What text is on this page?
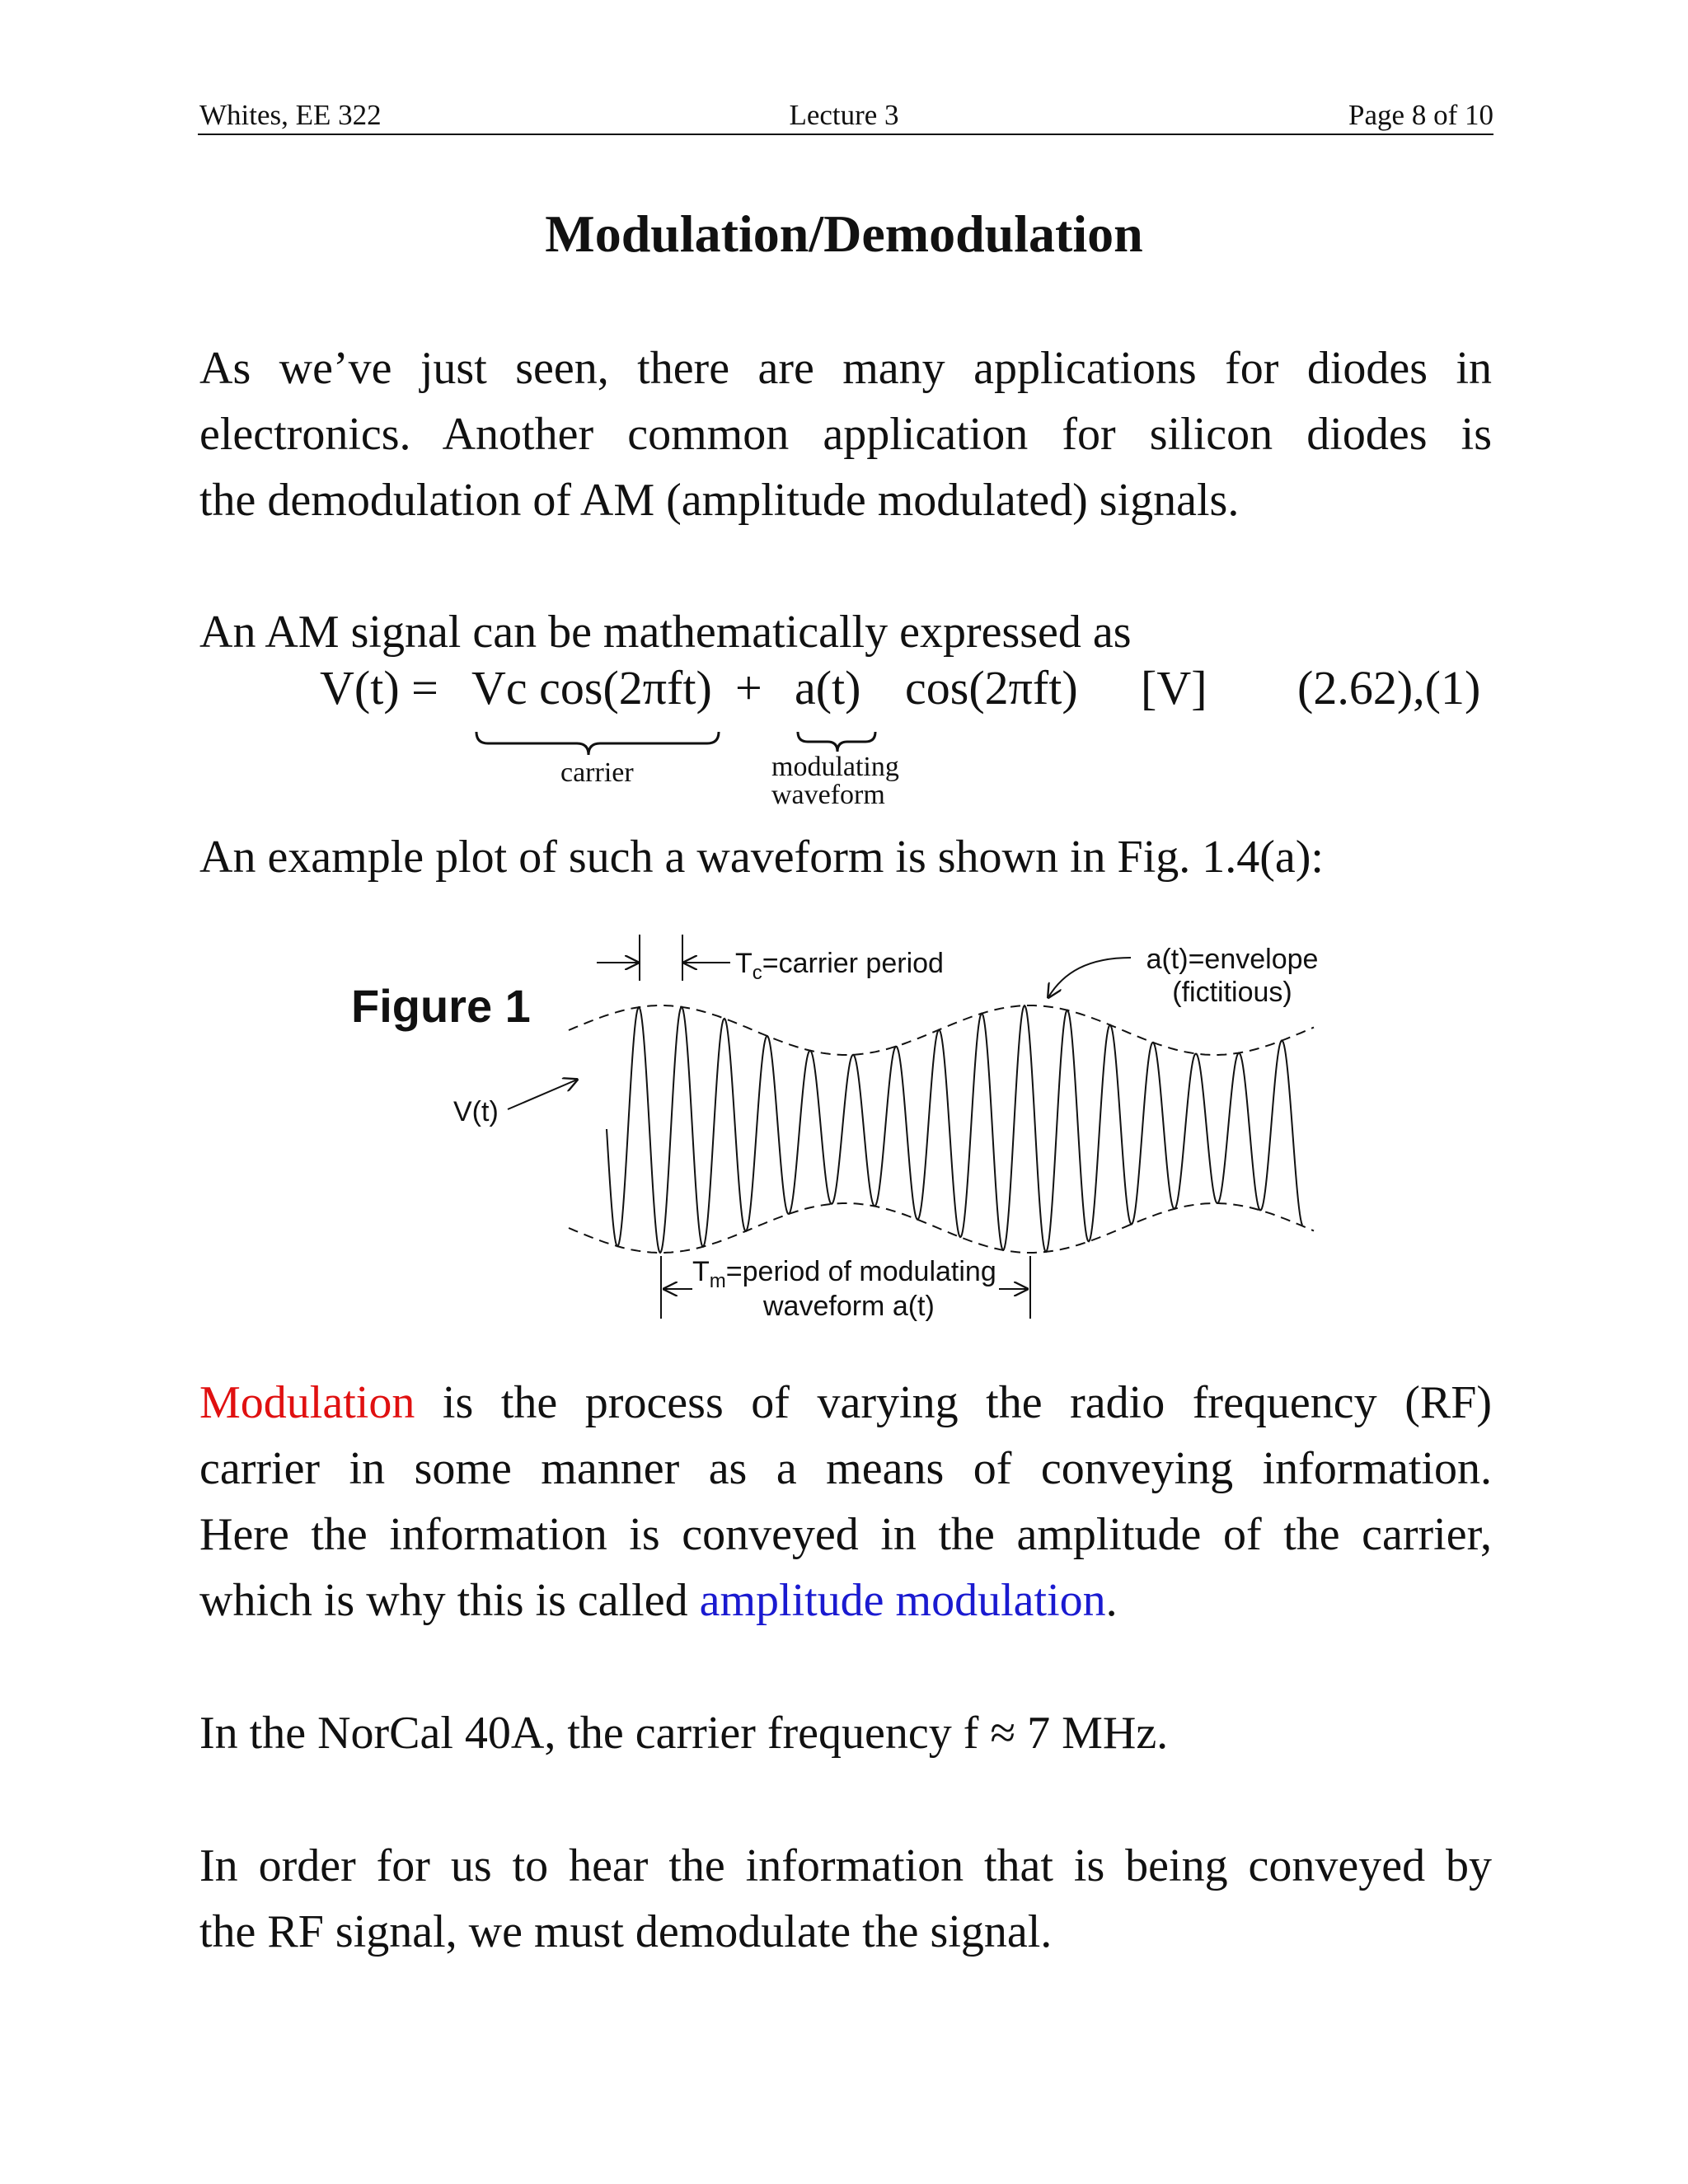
Whites, EE 322	Lecture 3	Page 8 of 10
Modulation/Demodulation
As we’ve just seen, there are many applications for diodes in
electronics. Another common application for silicon diodes is
the demodulation of AM (amplitude modulated) signals.
An AM signal can be mathematically expressed as
V(t) = Vc cos(2πft) + a(t) cos(2πft) [V] (2.62),(1)
carrier	modulating
waveform
An example plot of such a waveform is shown in Fig. 1.4(a):
Figure 1
V(t)
$T_c=carrier$ period	a(t)=envelope
(fictitious)
$T_m=period$ of modulating
waveform a(t)
Modulation is the process of varying the radio frequency (RF)
carrier in some manner as a means of conveying information.
Here the information is conveyed in the amplitude of the carrier,
which is why this is called amplitude modulation.
In the NorCal 40A, the carrier frequency f ≈ 7 MHz.
In order for us to hear the information that is being conveyed by
the RF signal, we must demodulate the signal.
